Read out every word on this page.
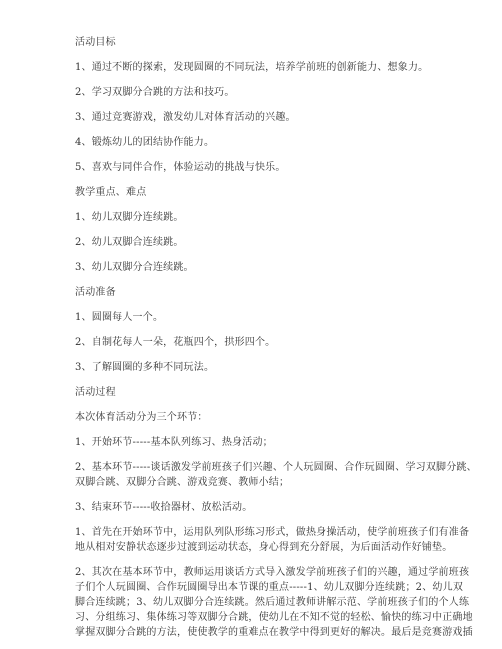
活动目标
1、通过不断的探索，发现圆圈的不同玩法，培养学前班的创新能力、想象力。
2、学习双脚分合跳的方法和技巧。
3、通过竞赛游戏，激发幼儿对体育活动的兴趣。
4、锻炼幼儿的团结协作能力。
5、喜欢与同伴合作，体验运动的挑战与快乐。
教学重点、难点
1、幼儿双脚分连续跳。
2、幼儿双脚合连续跳。
3、幼儿双脚分合连续跳。
活动准备
1、圆圈每人一个。
2、自制花每人一朵，花瓶四个，拱形四个。
3、了解圆圈的多种不同玩法。
活动过程
本次体育活动分为三个环节：
1、开始环节-----基本队列练习、热身活动；
2、基本环节-----谈话激发学前班孩子们兴趣、个人玩圆圈、合作玩圆圈、学习双脚分跳、
双脚合跳、双脚分合跳、游戏竞赛、教师小结；
3、结束环节-----收拾器材、放松活动。
1、首先在开始环节中，运用队列队形练习形式，做热身操活动，使学前班孩子们有准备
地从相对安静状态逐步过渡到运动状态，身心得到充分舒展，为后面活动作好铺垫。
2、其次在基本环节中，教师运用谈话方式导入激发学前班孩子们的兴趣，通过学前班孩
子们个人玩圆圈、合作玩圆圈导出本节课的重点-----1、幼儿双脚分连续跳；2、幼儿双
脚合连续跳；3、幼儿双脚分合连续跳。然后通过教师讲解示范、学前班孩子们的个人练
习、分组练习、集体练习等双脚分合跳，使幼儿在不知不觉的轻松、愉快的练习中正确地
掌握双脚分合跳的方法，使使教学的重难点在教学中得到更好的解决。最后是竞赛游戏插
